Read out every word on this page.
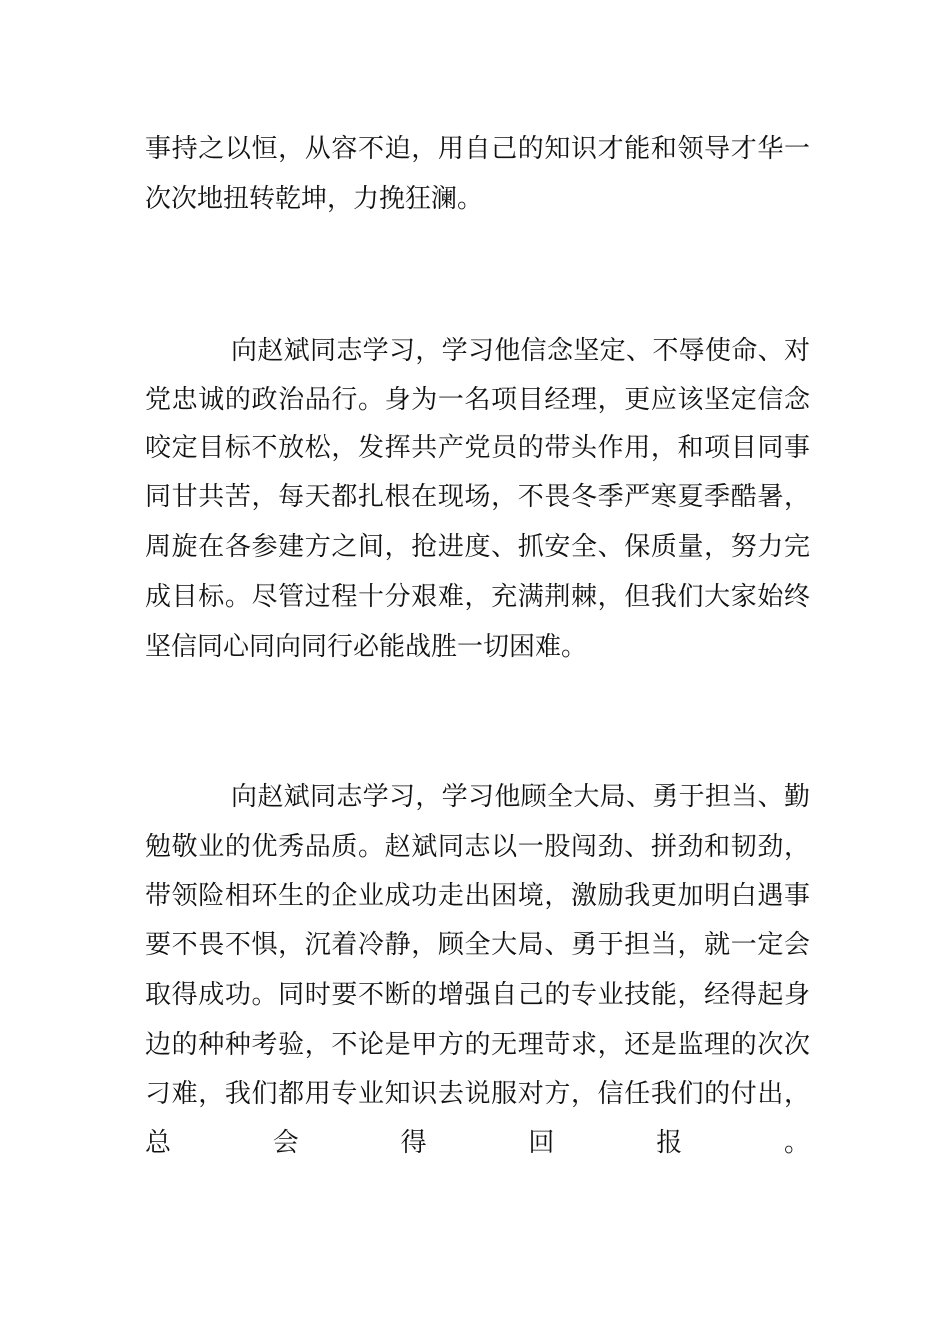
事持之以恒，从容不迫，用自己的知识才能和领导才华一
次次地扭转乾坤，力挽狂澜。
向赵斌同志学习，学习他信念坚定、不辱使命、对
党忠诚的政治品行。身为一名项目经理，更应该坚定信念
咬定目标不放松，发挥共产党员的带头作用，和项目同事
同甘共苦，每天都扎根在现场，不畏冬季严寒夏季酷暑，
周旋在各参建方之间，抢进度、抓安全、保质量，努力完
成目标。尽管过程十分艰难，充满荆棘，但我们大家始终
坚信同心同向同行必能战胜一切困难。
向赵斌同志学习，学习他顾全大局、勇于担当、勤
勉敬业的优秀品质。赵斌同志以一股闯劲、拼劲和韧劲，
带领险相环生的企业成功走出困境，激励我更加明白遇事
要不畏不惧，沉着冷静，顾全大局、勇于担当，就一定会
取得成功。同时要不断的增强自己的专业技能，经得起身
边的种种考验，不论是甲方的无理苛求，还是监理的次次
刁难，我们都用专业知识去说服对方，信任我们的付出，
总会得回报。
